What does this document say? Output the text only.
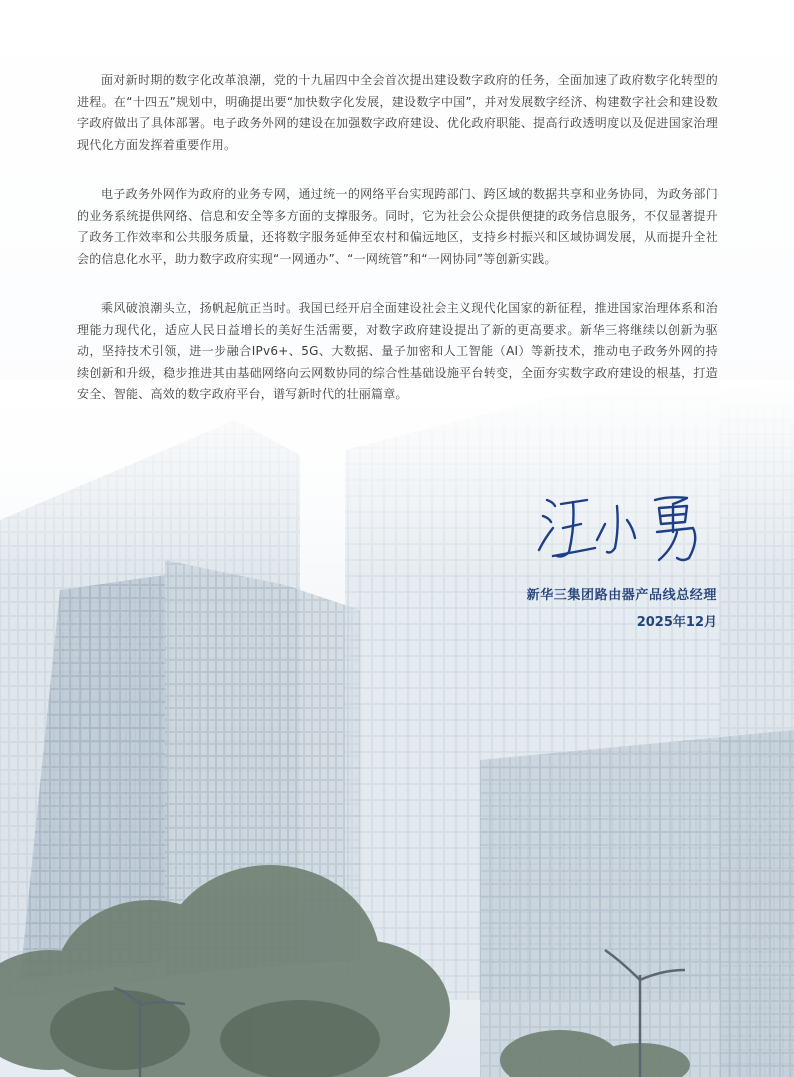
面对新时期的数字化改革浪潮，党的十九届四中全会首次提出建设数字政府的任务，全面加速了政府数字化转型的进程。在“十四五”规划中，明确提出要“加快数字化发展，建设数字中国”，并对发展数字经济、构建数字社会和建设数字政府做出了具体部署。电子政务外网的建设在加强数字政府建设、优化政府职能、提高行政透明度以及促进国家治理现代化方面发挥着重要作用。

电子政务外网作为政府的业务专网，通过统一的网络平台实现跨部门、跨区域的数据共享和业务协同，为政务部门的业务系统提供网络、信息和安全等多方面的支撑服务。同时，它为社会公众提供便捷的政务信息服务，不仅显著提升了政务工作效率和公共服务质量，还将数字服务延伸至农村和偏远地区，支持乡村振兴和区域协调发展，从而提升全社会的信息化水平，助力数字政府实现“一网通办”、“一网统管”和“一网协同”等创新实践。

乘风破浪潮头立，扬帆起航正当时。我国已经开启全面建设社会主义现代化国家的新征程，推进国家治理体系和治理能力现代化，适应人民日益增长的美好生活需要，对数字政府建设提出了新的更高要求。新华三将继续以创新为驱动，坚持技术引领，进一步融合IPv6+、5G、大数据、量子加密和人工智能（AI）等新技术，推动电子政务外网的持续创新和升级，稳步推进其由基础网络向云网数协同的综合性基础设施平台转变，全面夯实数字政府建设的根基，打造安全、智能、高效的数字政府平台，谱写新时代的壮丽篇章。

新华三集团路由器产品线总经理
2025年12月
